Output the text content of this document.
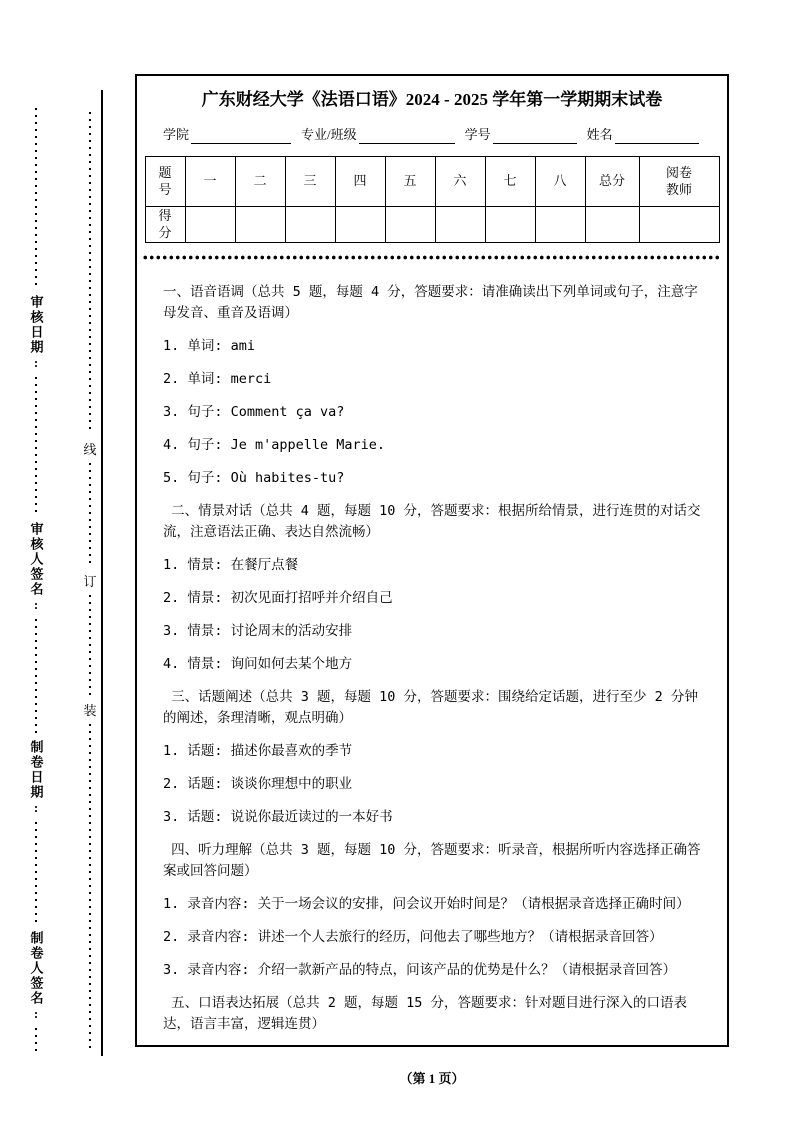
审核日期:
审核人签名:
制卷日期:
制卷人签名:
线
订
装
广东财经大学《法语口语》2024 - 2025 学年第一学期期末试卷
学院	专业/班级	学号	姓名
题号	一	二	三	四	五	六	七	八	总分	阅卷教师

得分										

一、语音语调（总共 5 题，每题 4 分，答题要求：请准确读出下列单词或句子，注意字母发音、重音及语调）

1. 单词: ami

2. 单词: merci

3. 句子: Comment ça va?

4. 句子: Je m'appelle Marie.

5. 句子: Où habites-tu?

二、情景对话（总共 4 题，每题 10 分，答题要求：根据所给情景，进行连贯的对话交流，注意语法正确、表达自然流畅）

1. 情景: 在餐厅点餐

2. 情景: 初次见面打招呼并介绍自己

3. 情景: 讨论周末的活动安排

4. 情景: 询问如何去某个地方

三、话题阐述（总共 3 题，每题 10 分，答题要求：围绕给定话题，进行至少 2 分钟的阐述，条理清晰，观点明确）

1. 话题: 描述你最喜欢的季节

2. 话题: 谈谈你理想中的职业

3. 话题: 说说你最近读过的一本好书

四、听力理解（总共 3 题，每题 10 分，答题要求：听录音，根据所听内容选择正确答案或回答问题）

1. 录音内容: 关于一场会议的安排，问会议开始时间是？（请根据录音选择正确时间）

2. 录音内容: 讲述一个人去旅行的经历，问他去了哪些地方？（请根据录音回答）

3. 录音内容: 介绍一款新产品的特点，问该产品的优势是什么？（请根据录音回答）

五、口语表达拓展（总共 2 题，每题 15 分，答题要求：针对题目进行深入的口语表达，语言丰富，逻辑连贯）

（第 1 页）
